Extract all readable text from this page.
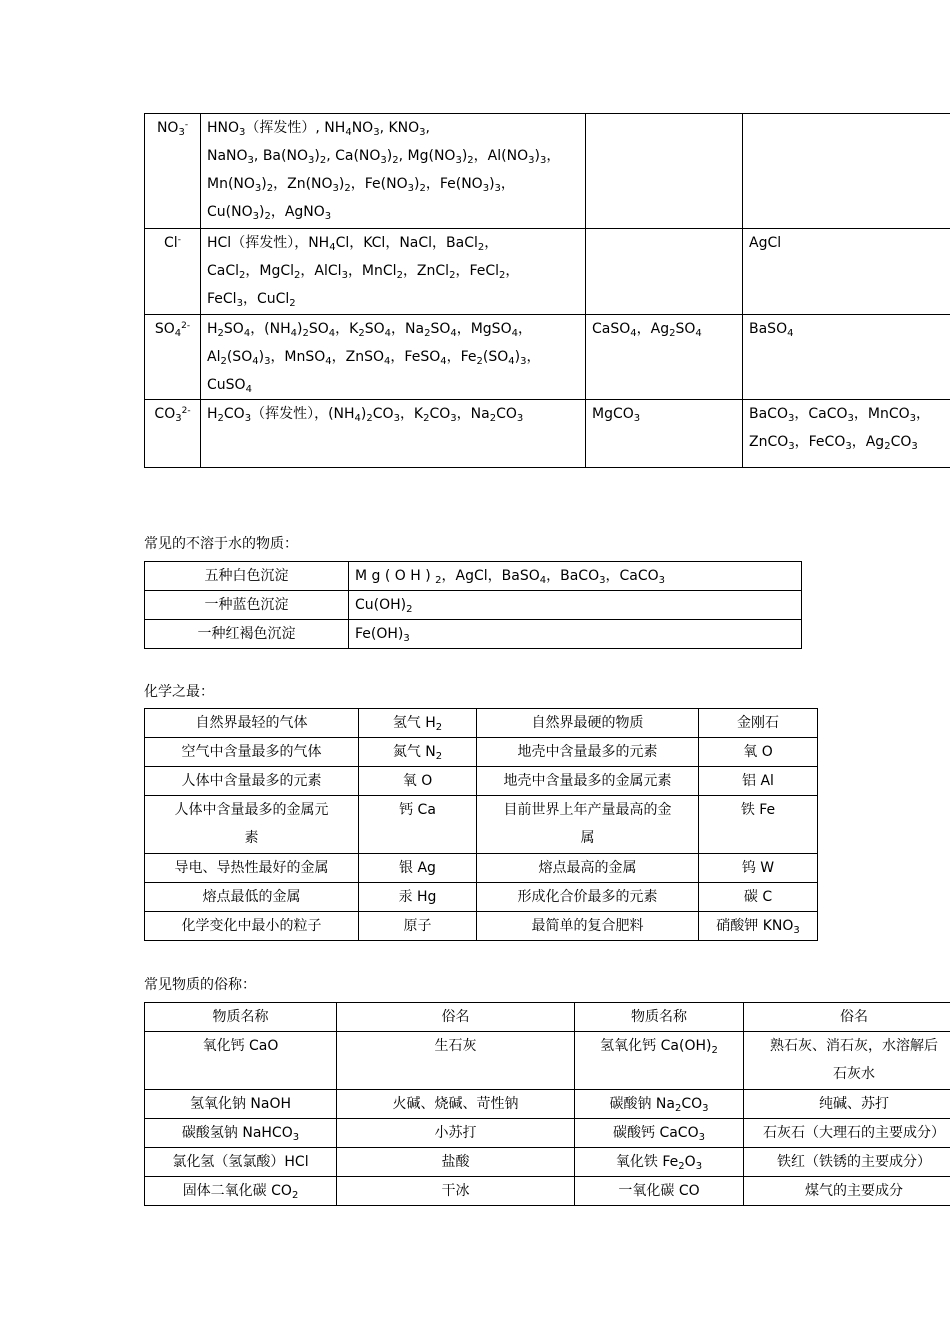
$NO_3^-$	$HNO_3$（挥发性）, $NH_4NO_3$, $KNO_3$,
NaNO$_3$, $Ba(NO_3)_2$, $Ca(NO_3)_2$, $Mg(NO_3)_2$，$Al(NO_3)_3$，
$Mn(NO_3)_2$，$Zn(NO_3)_2$，$Fe(NO_3)_2$，$Fe(NO_3)_3$，
$Cu(NO_3)_2$，AgNO$_3$		
Cl-	HCl（挥发性），$NH_4Cl$，KCl，NaCl，BaCl$_2$，
CaCl$_2$，MgCl$_2$，AlCl$_3$，MnCl$_2$，ZnCl$_2$，FeCl$_2$，
FeCl$_3$，CuCl$_2$		AgCl
$SO_4^{2-}$	$H_2SO_4$，$(NH_4)_2SO_4$，$K_2SO_4$，$Na_2SO_4$，MgSO$_4$，
$Al_2(SO_4)_3$，MnSO$_4$，ZnSO$_4$，FeSO$_4$，$Fe_2(SO_4)_3$，
CuSO$_4$	CaSO$_4$，$Ag_2SO_4$	BaSO$_4$
$CO_3^{2-}$	$H_2CO_3$（挥发性），$(NH_4)_2CO_3$，$K_2CO_3$，$Na_2CO_3$	MgCO$_3$	BaCO$_3$，CaCO$_3$，MnCO$_3$，
ZnCO$_3$，FeCO$_3$，$Ag_2CO_3$
常见的不溶于水的物质：
五种白色沉淀	M g ( O H ) $_2$，AgCl，BaSO$_4$，BaCO$_3$，CaCO$_3$
一种蓝色沉淀	$Cu(OH)_2$
一种红褐色沉淀	$Fe(OH)_3$
化学之最：
自然界最轻的气体	氢气 $H_2$	自然界最硬的物质	金刚石
空气中含量最多的气体	氮气 $N_2$	地壳中含量最多的元素	氧 O
人体中含量最多的元素	氧 O	地壳中含量最多的金属元素	铝 Al
人体中含量最多的金属元
素	钙 Ca	目前世界上年产量最高的金
属	铁 Fe
导电、导热性最好的金属	银 Ag	熔点最高的金属	钨 W
熔点最低的金属	汞 Hg	形成化合价最多的元素	碳 C
化学变化中最小的粒子	原子	最简单的复合肥料	硝酸钾 $KNO_3$
常见物质的俗称：
物质名称	俗名	物质名称	俗名
氧化钙 CaO	生石灰	氢氧化钙 $Ca(OH)_2$	熟石灰、消石灰，水溶解后
石灰水
氢氧化钠 NaOH	火碱、烧碱、苛性钠	碳酸钠 $Na_2CO_3$	纯碱、苏打
碳酸氢钠 NaHCO$_3$	小苏打	碳酸钙 CaCO$_3$	石灰石（大理石的主要成分）
氯化氢（氢氯酸）HCl	盐酸	氧化铁 $Fe_2O_3$	铁红（铁锈的主要成分）
固体二氧化碳 $CO_2$	干冰	一氧化碳 CO	煤气的主要成分
